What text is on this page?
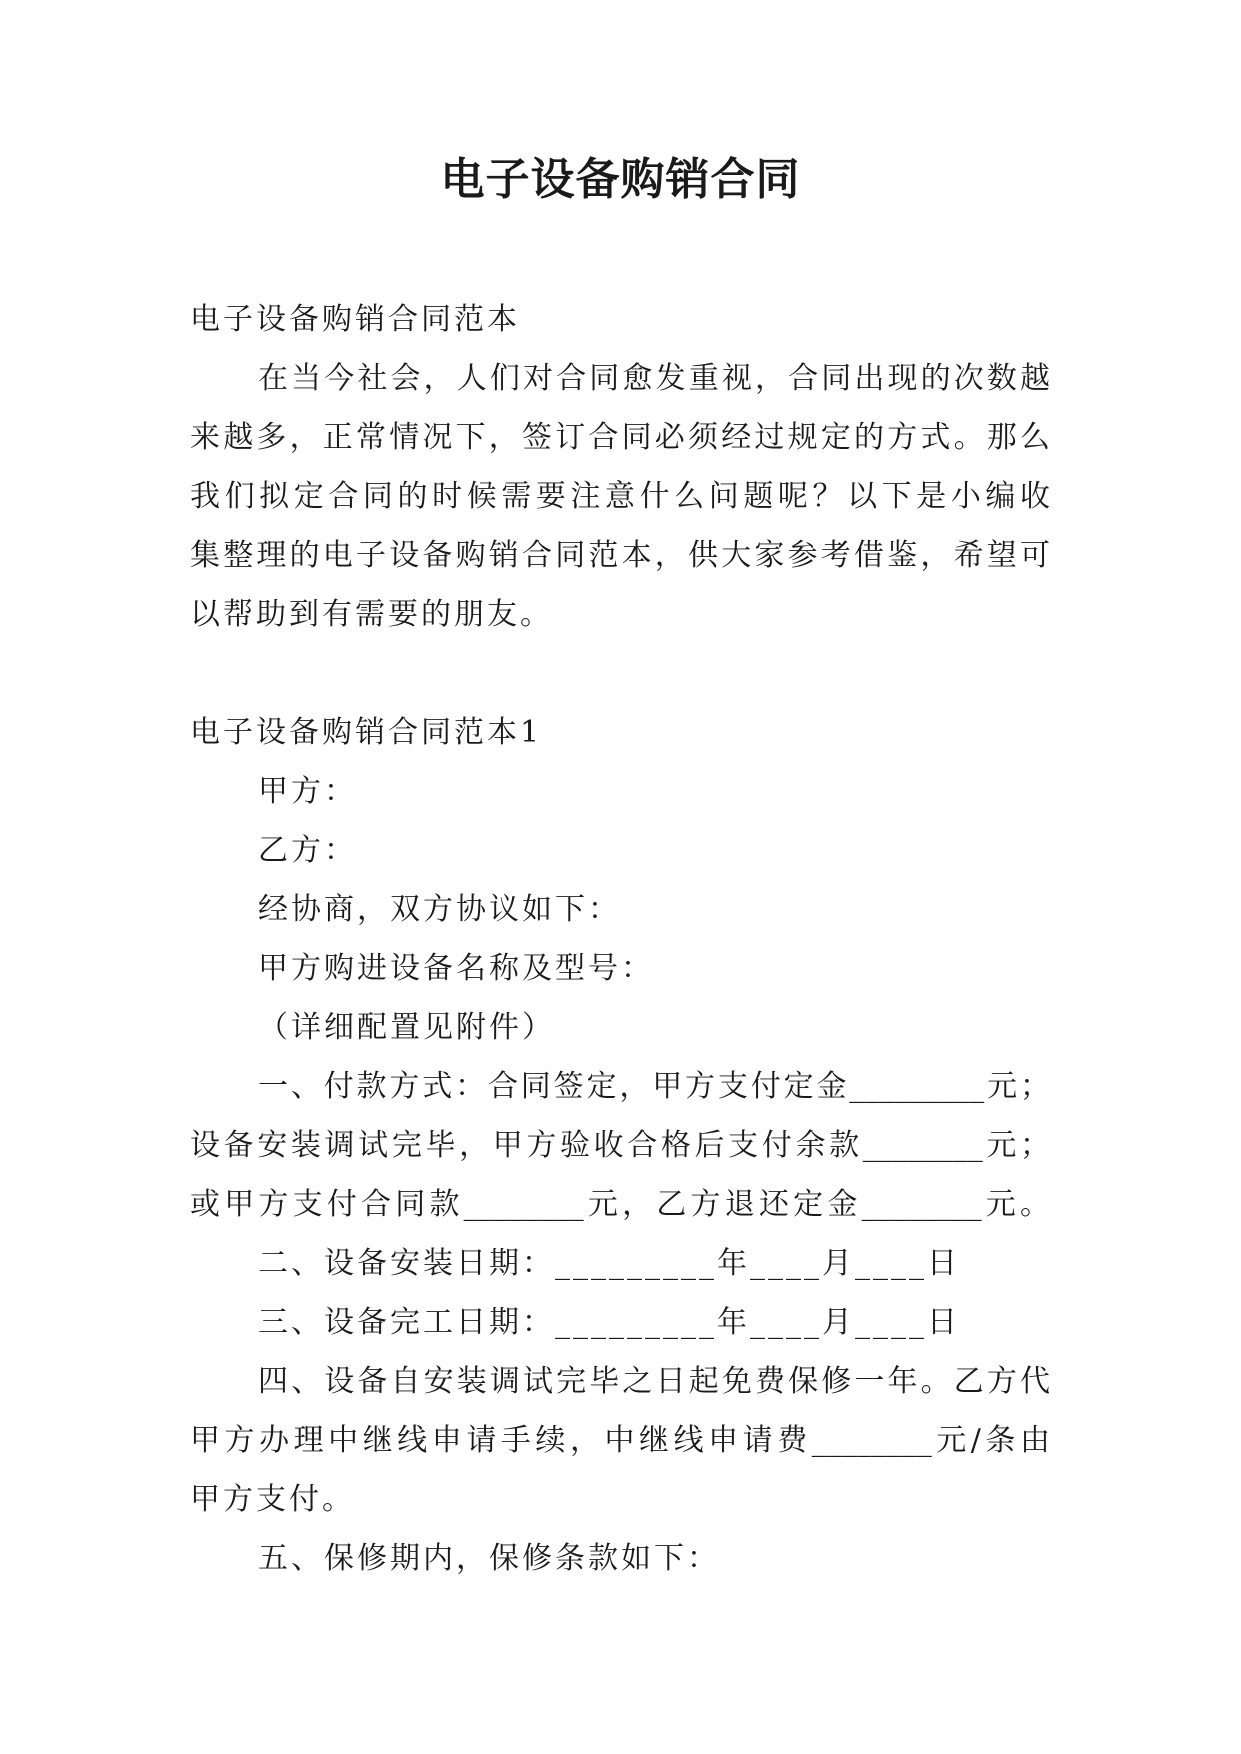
电子设备购销合同

电子设备购销合同范本

在当今社会，人们对合同愈发重视，合同出现的次数越

来越多，正常情况下，签订合同必须经过规定的方式。那么

我们拟定合同的时候需要注意什么问题呢？以下是小编收

集整理的电子设备购销合同范本，供大家参考借鉴，希望可

以帮助到有需要的朋友。

电子设备购销合同范本1

甲方：

乙方：

经协商，双方协议如下：

甲方购进设备名称及型号：

（详细配置见附件）

一、付款方式：合同签定，甲方支付定金_________元；

设备安装调试完毕，甲方验收合格后支付余款________元；

或甲方支付合同款________元，乙方退还定金________元。

二、设备安装日期：_________年____月____日

三、设备完工日期：_________年____月____日

四、设备自安装调试完毕之日起免费保修一年。乙方代

甲方办理中继线申请手续，中继线申请费________元/条由

甲方支付。

五、保修期内，保修条款如下：
